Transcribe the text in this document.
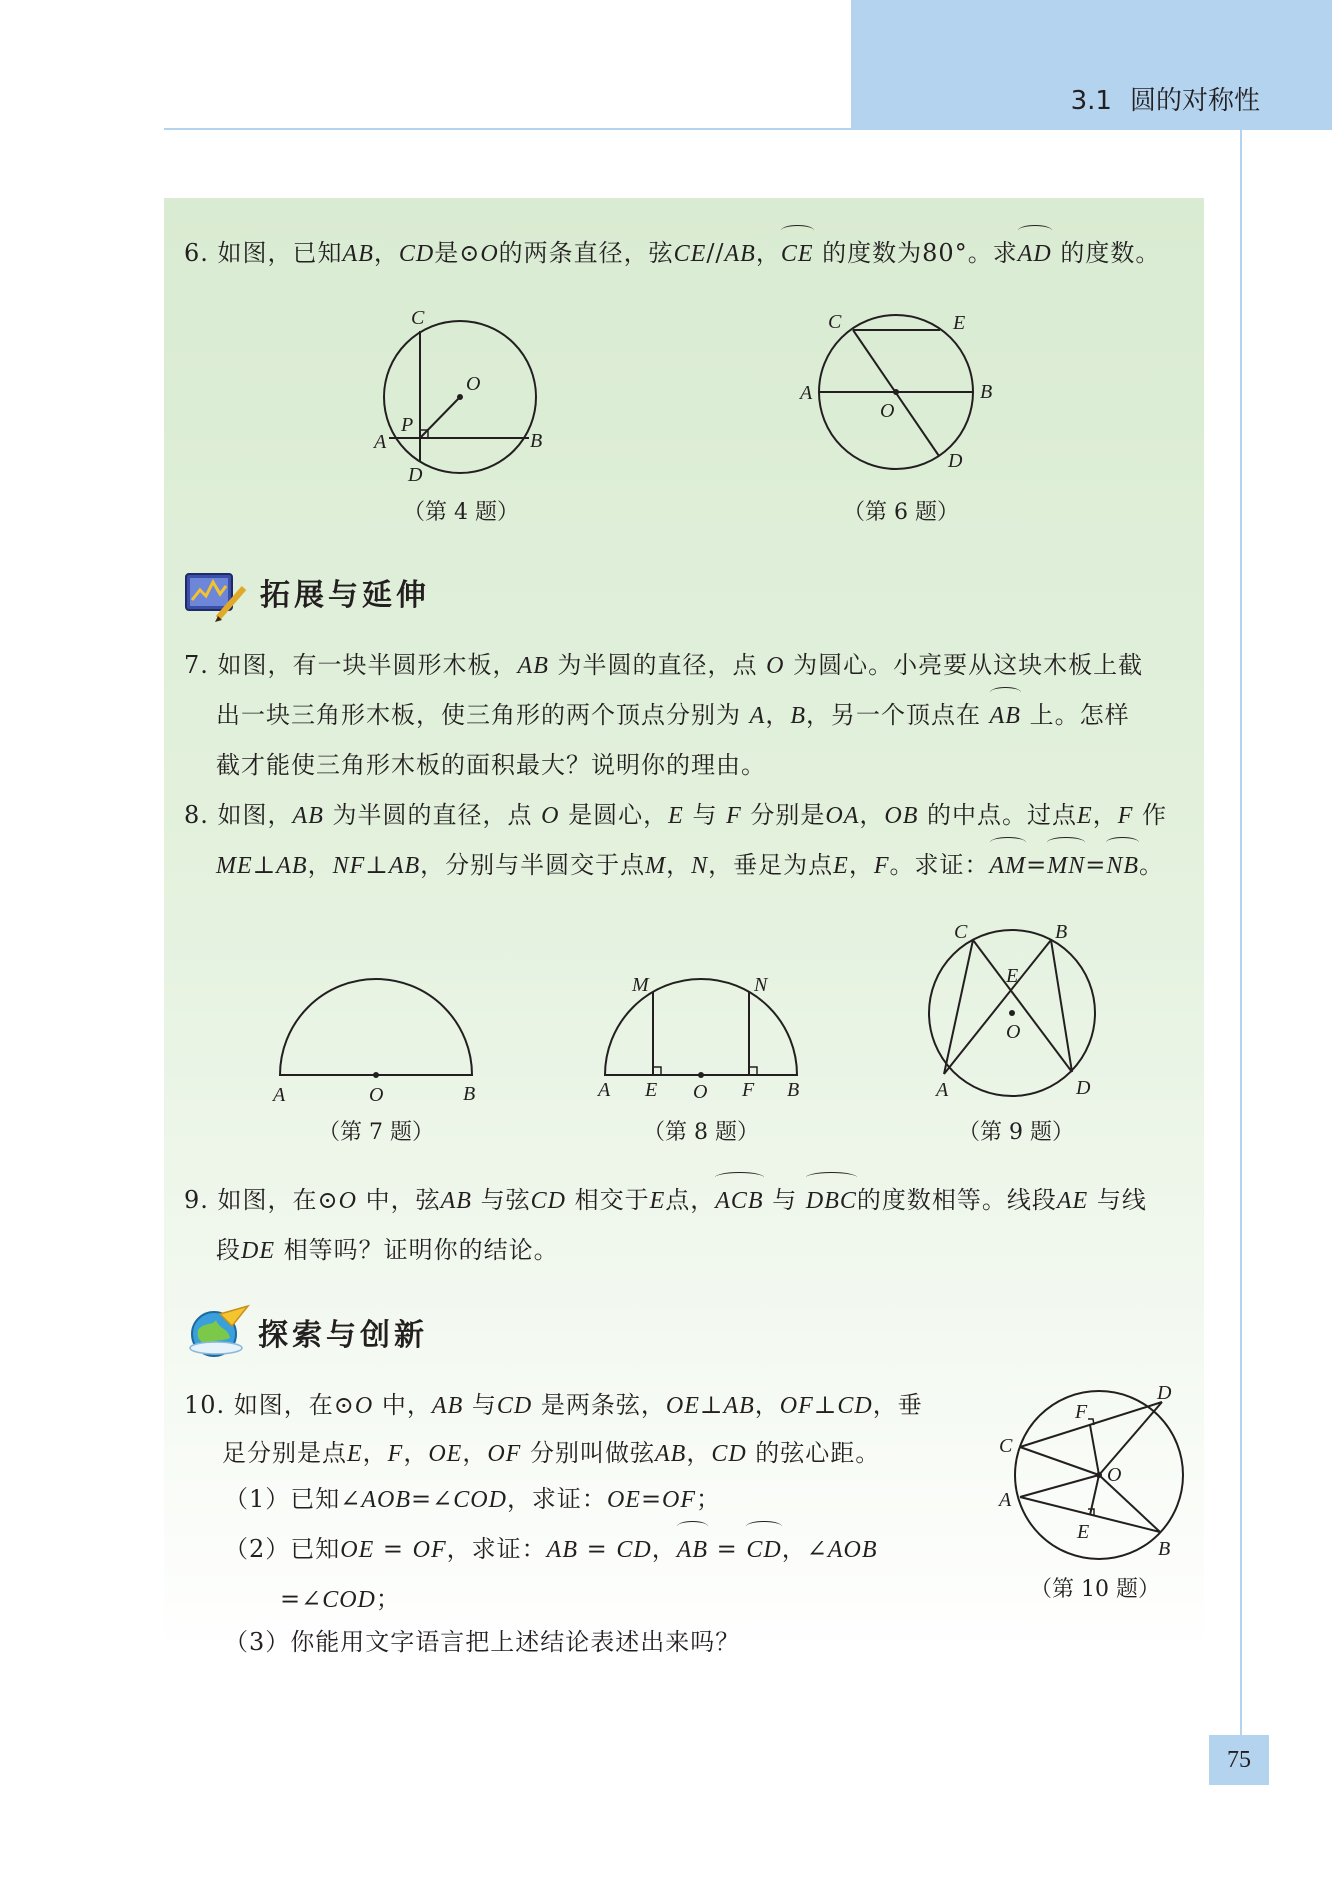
3.1 圆的对称性
6. 如图，已知AB，CD是⊙O的两条直径，弦CE//AB，CE 的度数为80°。求AD 的度数。
C
O
P
A	B
D
（第 4 题）
C	E
A	B
O
D
（第 6 题）
拓展与延伸
7. 如图，有一块半圆形木板，AB 为半圆的直径，点 O 为圆心。小亮要从这块木板上截
出一块三角形木板，使三角形的两个顶点分别为 A，B，另一个顶点在 AB 上。怎样
截才能使三角形木板的面积最大？说明你的理由。
8. 如图，AB 为半圆的直径，点 O 是圆心，E 与 F 分别是OA，OB 的中点。过点E，F 作
ME⊥AB，NF⊥AB，分别与半圆交于点M，N，垂足为点E，F。求证：AM=MN=NB。
A	O	B
（第 7 题）
M	N
A E O F B
（第 8 题）
C	B
E
O
A	D
（第 9 题）
9. 如图，在⊙O 中，弦AB 与弦CD 相交于E点，ACB 与 DBC的度数相等。线段AE 与线
段DE 相等吗？证明你的结论。
探索与创新
10. 如图，在⊙O 中，AB 与CD 是两条弦，OE⊥AB，OF⊥CD，垂
足分别是点E，F，OE，OF 分别叫做弦AB，CD 的弦心距。
（1）已知∠AOB=∠COD，求证：OE=OF；
（2）已知OE = OF，求证：AB = CD，AB = CD，∠AOB
=∠COD；
（3）你能用文字语言把上述结论表述出来吗？
D
F
C
O
A
E
B
（第 10 题）
75
